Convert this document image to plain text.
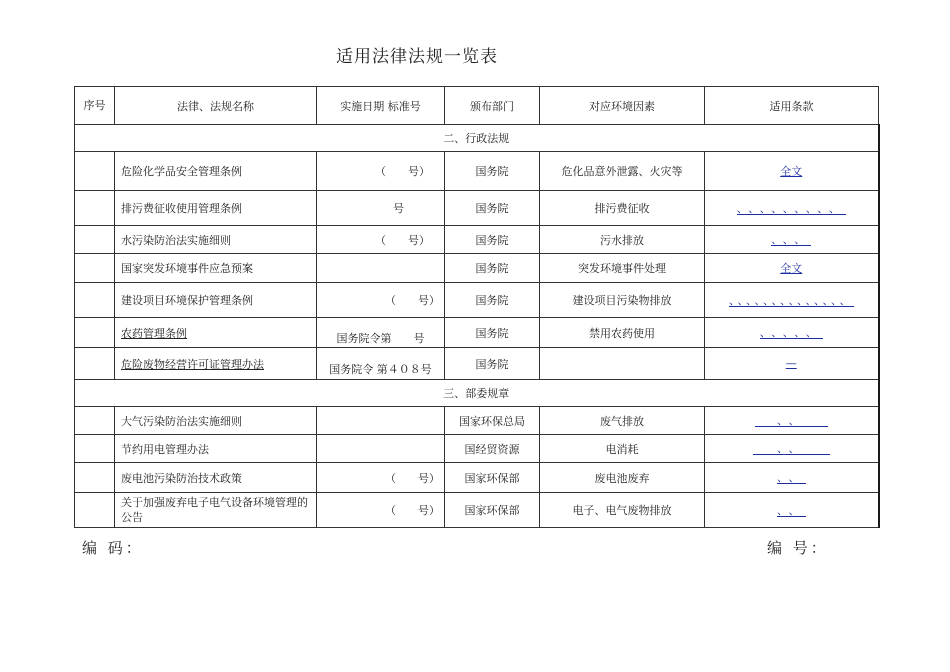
适用法律法规一览表
序号	法律、法规名称	实施日期 标准号	颁布部门	对应环境因素	适用条款
二、行政法规					
	危险化学品安全管理条例	（　　号）	国务院	危化品意外泄露、火灾等	全文
	排污费征收使用管理条例	号	国务院	排污费征收	、、、、、、、、、
	水污染防治法实施细则	（　　号）	国务院	污水排放	、、、
	国家突发环境事件应急预案		国务院	突发环境事件处理	全文
	建设项目环境保护管理条例	（　　号）	国务院	建设项目污染物排放	、、、、、、、、、、、、、、
	农药管理条例	国务院令第　　号	国务院	禁用农药使用	、、、、、
	危险废物经营许可证管理办法	国务院令 第４０８号	国务院		—
三、部委规章					
	大气污染防治法实施细则		国家环保总局	废气排放	、、
	节约用电管理办法		国经贸资源	电消耗	、、
	废电池污染防治技术政策	（　　号）	国家环保部	废电池废弃	、、
	关于加强废弃电子电气设备环境管理的公告	（　　号）	国家环保部	电子、电气废物排放	、、
编 码：	编 号：
